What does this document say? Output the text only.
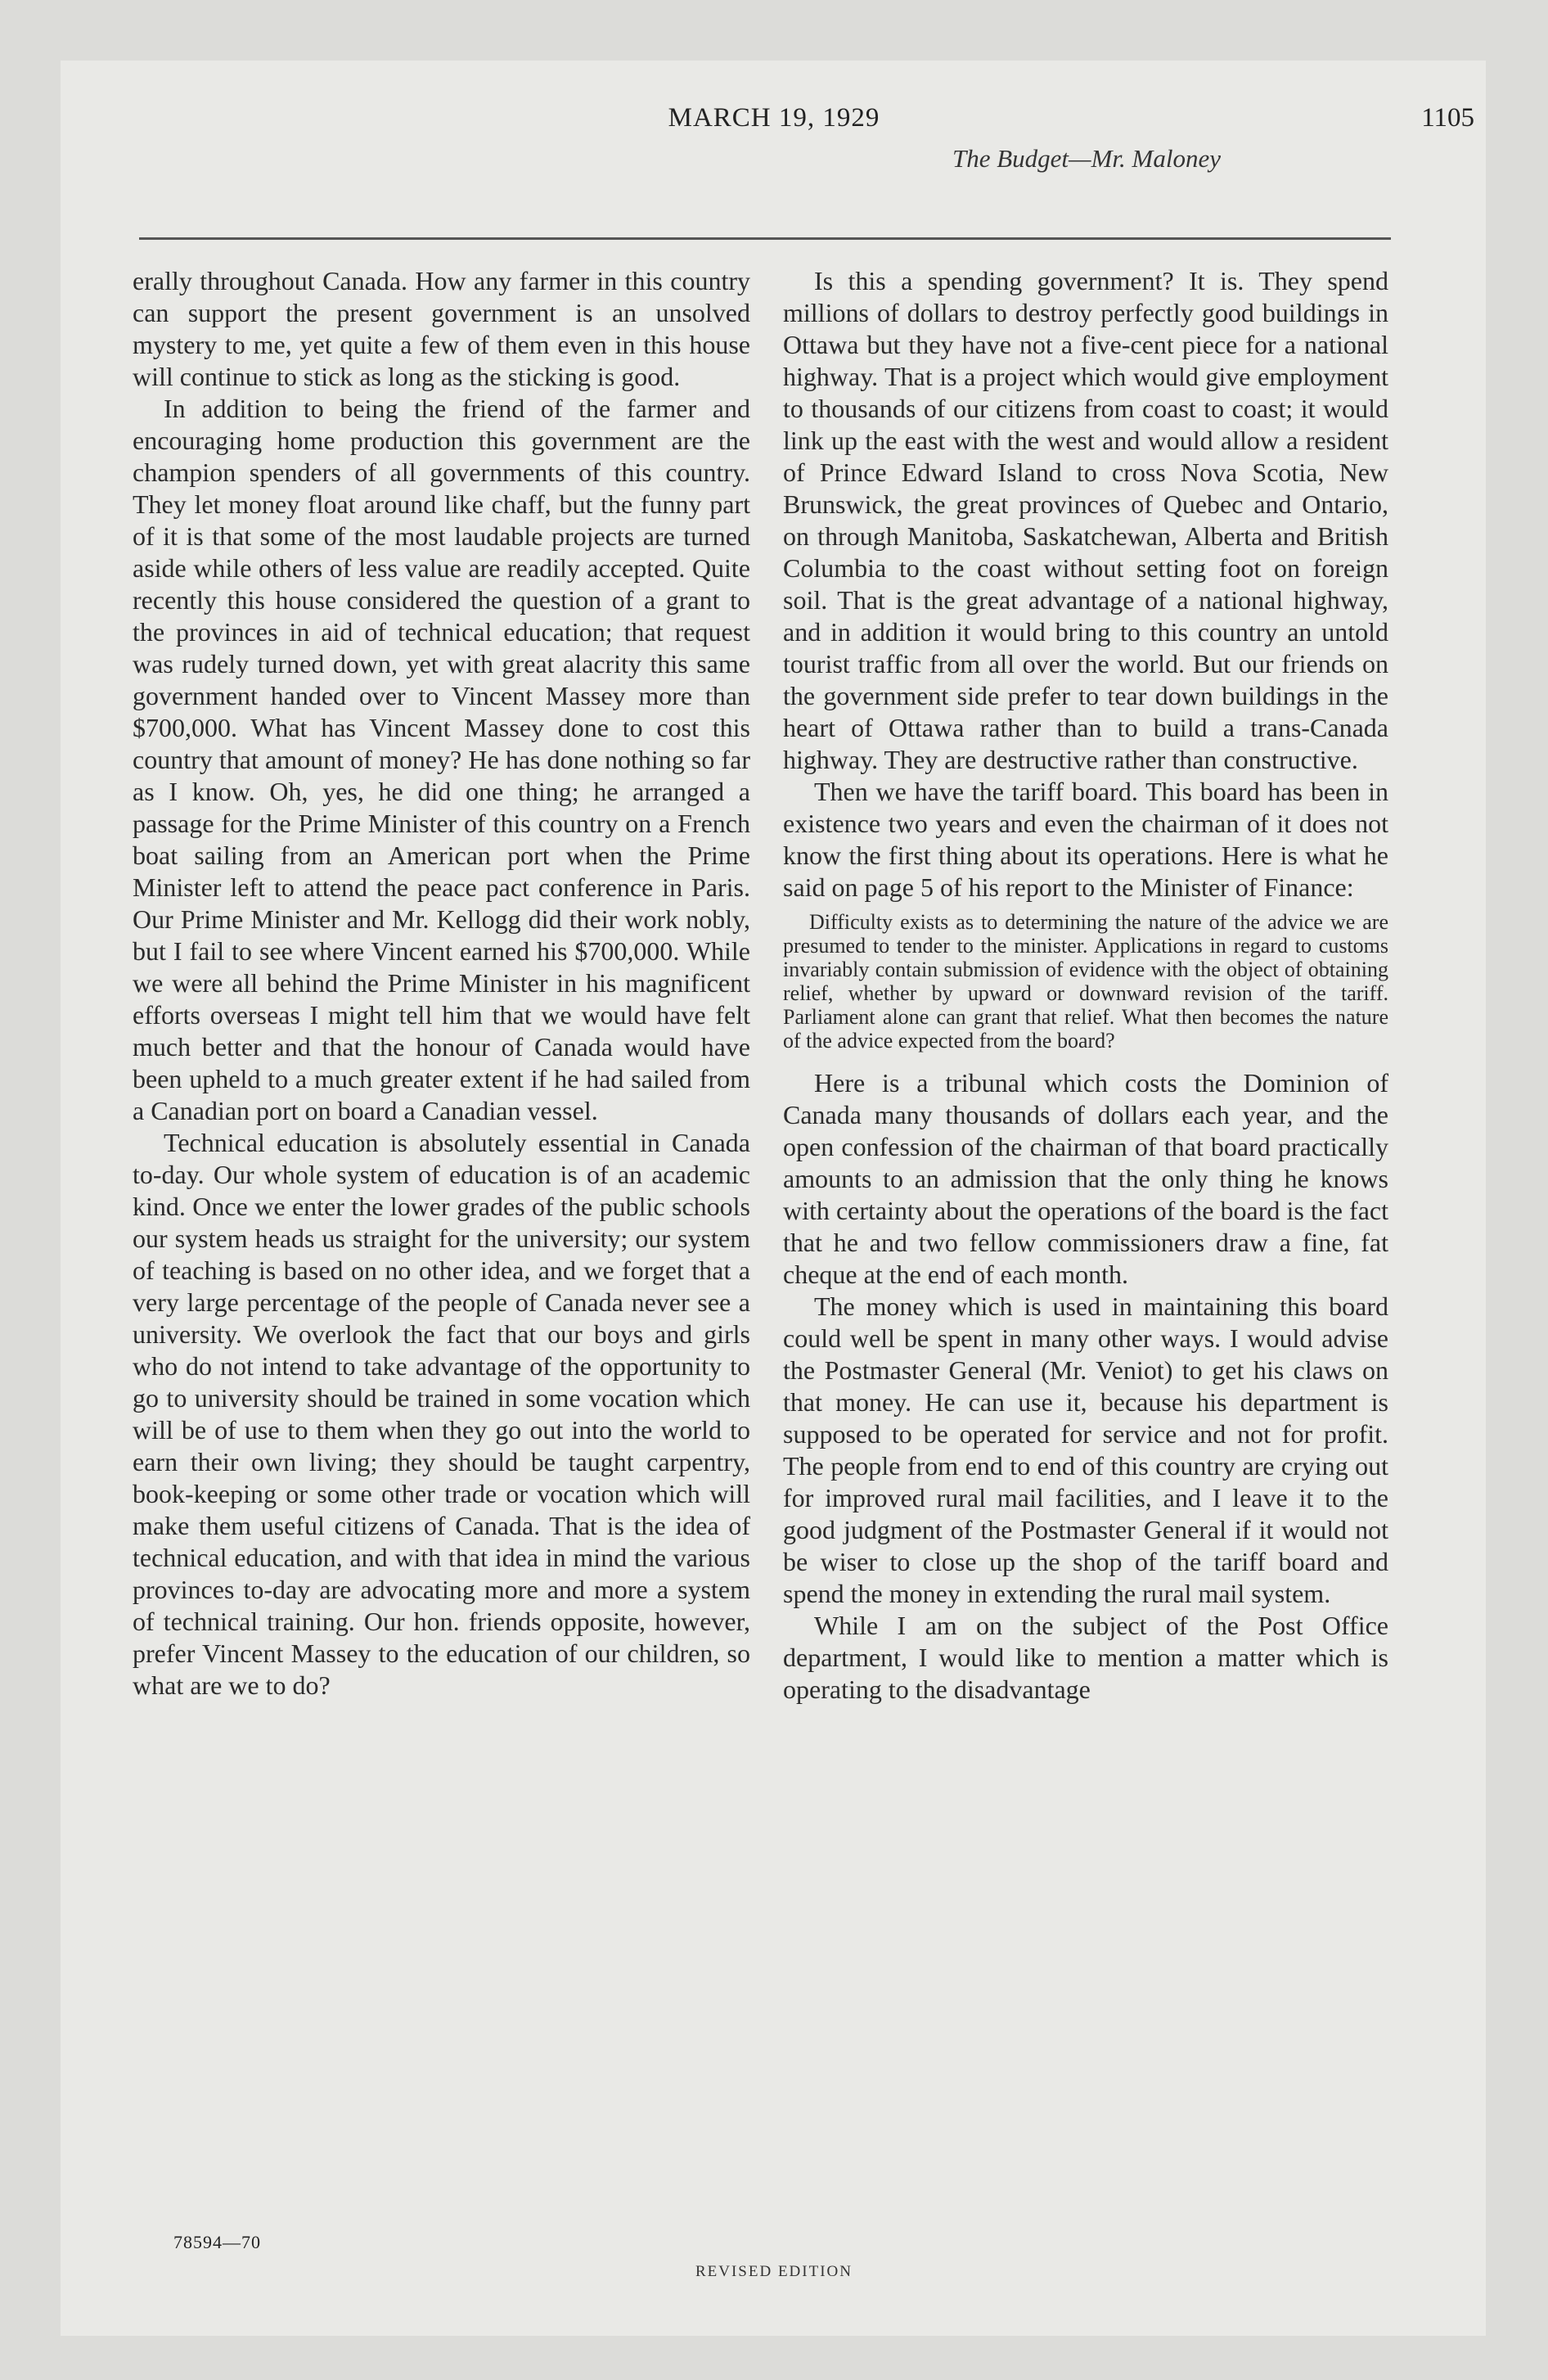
MARCH 19, 1929	1105
The Budget—Mr. Maloney

erally throughout Canada. How any farmer in this country can support the present government is an unsolved mystery to me, yet quite a few of them even in this house will continue to stick as long as the sticking is good.

In addition to being the friend of the farmer and encouraging home production this government are the champion spenders of all governments of this country. They let money float around like chaff, but the funny part of it is that some of the most laudable projects are turned aside while others of less value are readily accepted. Quite recently this house considered the question of a grant to the provinces in aid of technical education; that request was rudely turned down, yet with great alacrity this same government handed over to Vincent Massey more than $700,000. What has Vincent Massey done to cost this country that amount of money? He has done nothing so far as I know. Oh, yes, he did one thing; he arranged a passage for the Prime Minister of this country on a French boat sailing from an American port when the Prime Minister left to attend the peace pact conference in Paris. Our Prime Minister and Mr. Kellogg did their work nobly, but I fail to see where Vincent earned his $700,000. While we were all behind the Prime Minister in his magnificent efforts overseas I might tell him that we would have felt much better and that the honour of Canada would have been upheld to a much greater extent if he had sailed from a Canadian port on board a Canadian vessel.

Technical education is absolutely essential in Canada to-day. Our whole system of education is of an academic kind. Once we enter the lower grades of the public schools our system heads us straight for the university; our system of teaching is based on no other idea, and we forget that a very large percentage of the people of Canada never see a university. We overlook the fact that our boys and girls who do not intend to take advantage of the opportunity to go to university should be trained in some vocation which will be of use to them when they go out into the world to earn their own living; they should be taught carpentry, book-keeping or some other trade or vocation which will make them useful citizens of Canada. That is the idea of technical education, and with that idea in mind the various provinces to-day are advocating more and more a system of technical training. Our hon. friends opposite, however, prefer Vincent Massey to the education of our children, so what are we to do?

Is this a spending government? It is. They spend millions of dollars to destroy perfectly good buildings in Ottawa but they have not a five-cent piece for a national highway. That is a project which would give employment to thousands of our citizens from coast to coast; it would link up the east with the west and would allow a resident of Prince Edward Island to cross Nova Scotia, New Brunswick, the great provinces of Quebec and Ontario, on through Manitoba, Saskatchewan, Alberta and British Columbia to the coast without setting foot on foreign soil. That is the great advantage of a national highway, and in addition it would bring to this country an untold tourist traffic from all over the world. But our friends on the government side prefer to tear down buildings in the heart of Ottawa rather than to build a trans-Canada highway. They are destructive rather than constructive.

Then we have the tariff board. This board has been in existence two years and even the chairman of it does not know the first thing about its operations. Here is what he said on page 5 of his report to the Minister of Finance:

Difficulty exists as to determining the nature of the advice we are presumed to tender to the minister. Applications in regard to customs invariably contain submission of evidence with the object of obtaining relief, whether by upward or downward revision of the tariff. Parliament alone can grant that relief. What then becomes the nature of the advice expected from the board?

Here is a tribunal which costs the Dominion of Canada many thousands of dollars each year, and the open confession of the chairman of that board practically amounts to an admission that the only thing he knows with certainty about the operations of the board is the fact that he and two fellow commissioners draw a fine, fat cheque at the end of each month.

The money which is used in maintaining this board could well be spent in many other ways. I would advise the Postmaster General (Mr. Veniot) to get his claws on that money. He can use it, because his department is supposed to be operated for service and not for profit. The people from end to end of this country are crying out for improved rural mail facilities, and I leave it to the good judgment of the Postmaster General if it would not be wiser to close up the shop of the tariff board and spend the money in extending the rural mail system.

While I am on the subject of the Post Office department, I would like to mention a matter which is operating to the disadvantage

78594—70
REVISED EDITION
